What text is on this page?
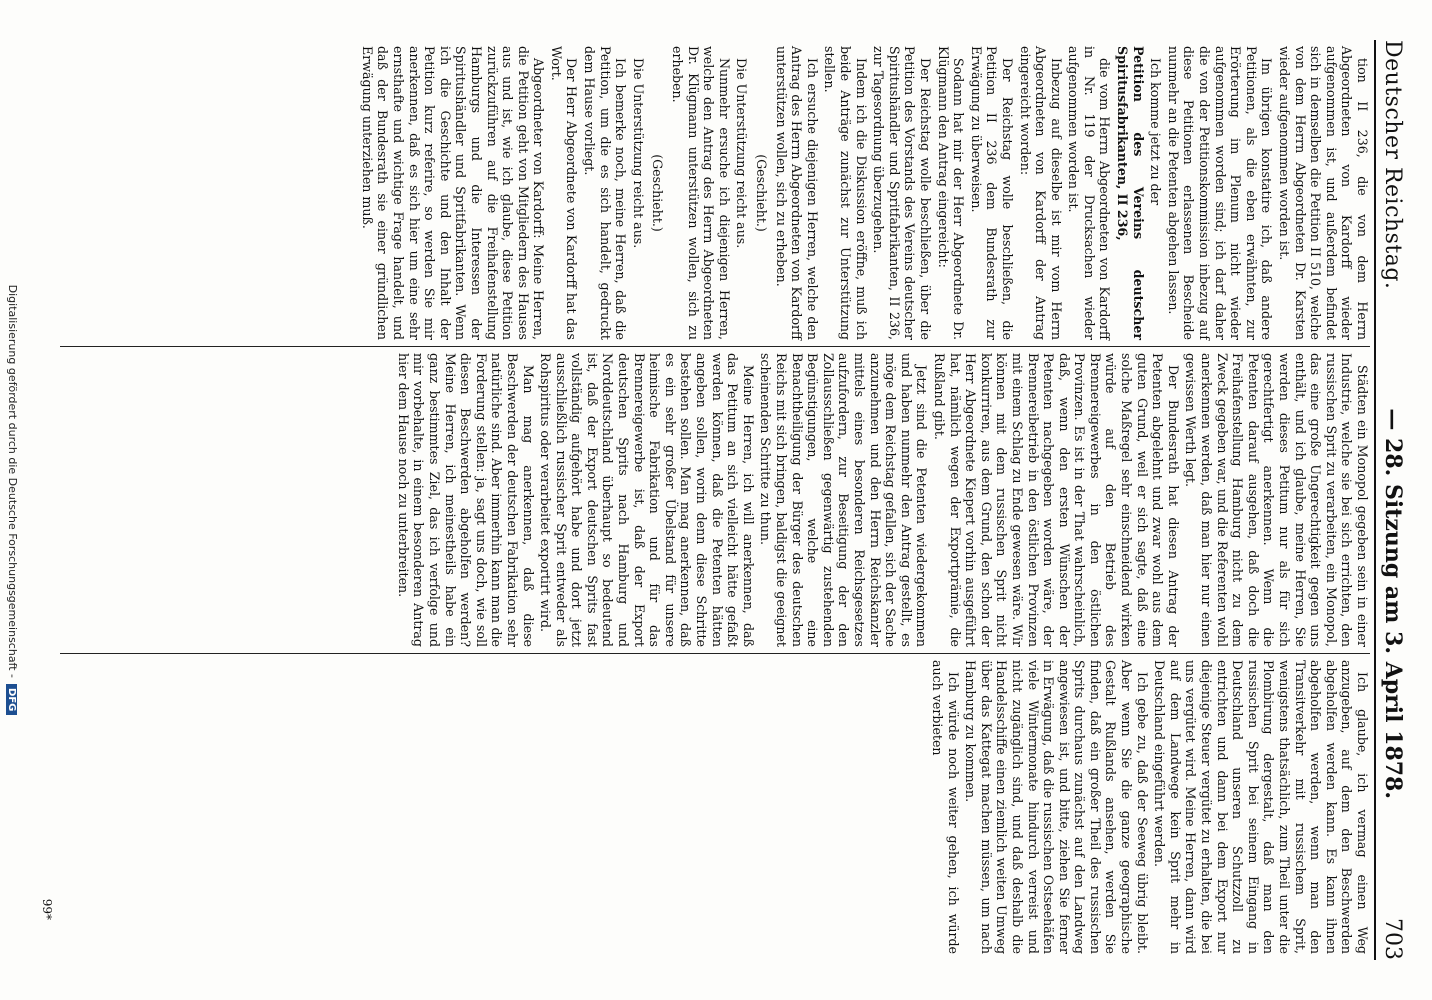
Deutscher Reichstag.
— 28. Sitzung am 3. April 1878.
703

tion II 236, die von dem Herrn Abgeordneten von Kardorff wieder aufgenommen ist, und außerdem befindet sich in demselben die Petition II 510, welche von dem Herrn Abgeordneten Dr. Karsten wieder aufgenommen worden ist.

Im übrigen konstatire ich, daß andere Petitionen, als die eben erwähnten, zur Erörterung im Plenum nicht wieder aufgenommen worden sind; ich darf daher die von der Petitionskommission inbezug auf diese Petitionen erlassenen Bescheide nunmehr an die Petenten abgehen lassen.

Ich komme jetzt zu der

Petition des Vereins deutscher Spiritusfabrikanten, II 236,

die vom Herrn Abgeordneten von Kardorff in Nr. 119 der Drucksachen wieder aufgenommen worden ist.

Inbezug auf dieselbe ist mir vom Herrn Abgeordneten von Kardorff der Antrag eingereicht worden:

Der Reichstag wolle beschließen, die Petition II 236 dem Bundesrath zur Erwägung zu überweisen.

Sodann hat mir der Herr Abgeordnete Dr. Klügmann den Antrag eingereicht:

Der Reichstag wolle beschließen, über die Petition des Vorstands des Vereins deutscher Spiritushändler und Spritfabrikanten, II 236, zur Tagesordnung überzugehen.

Indem ich die Diskussion eröffne, muß ich beide Anträge zunächst zur Unterstützung stellen.

Ich ersuche diejenigen Herren, welche den Antrag des Herrn Abgeordneten von Kardorff unterstützen wollen, sich zu erheben.

(Geschieht.)

Die Unterstützung reicht aus.

Nunmehr ersuche ich diejenigen Herren, welche den Antrag des Herrn Abgeordneten Dr. Klügmann unterstützen wollen, sich zu erheben.

(Geschieht.)

Die Unterstützung reicht aus.

Ich bemerke noch, meine Herren, daß die Petition, um die es sich handelt, gedruckt dem Hause vorliegt.

Der Herr Abgeordnete von Kardorff hat das Wort.

Abgeordneter von Kardorff: Meine Herren, die Petition geht von Mitgliedern des Hauses aus und ist, wie ich glaube, diese Petition zurückzuführen auf die Freihafenstellung Hamburgs und die Interessen der Spiritushändler und Spritfabrikanten. Wenn ich die Geschichte und den Inhalt der Petition kurz referire, so werden Sie mir anerkennen, daß es sich hier um eine sehr ernsthafte und wichtige Frage handelt, und daß der Bundesrath sie einer gründlichen Erwägung unterziehen muß.

Städten ein Monopol gegeben sein in einer Industrie, welche sie bei sich errichten, den russischen Sprit zu verarbeiten, ein Monopol, das eine große Ungerechtigkeit gegen uns enthält, und ich glaube, meine Herren, Sie werden dieses Petitum nur als für sich gerechtfertigt anerkennen. Wenn die Petenten darauf ausgehen, daß doch die Freihafenstellung Hamburg nicht zu dem Zweck gegeben war, und die Referenten wohl anerkennen werden, daß man hier nur einen gewissen Werth legt.

Der Bundesrath hat diesen Antrag der Petenten abgelehnt und zwar wohl aus dem guten Grund, weil er sich sagte, daß eine solche Maßregel sehr einschneidend wirken würde auf den Betrieb des Brennereigewerbes in den östlichen Provinzen. Es ist in der That wahrscheinlich, daß, wenn den ersten Wünschen der Petenten nachgegeben worden wäre, der Brennereibetrieb in den östlichen Provinzen mit einem Schlag zu Ende gewesen wäre. Wir können mit dem russischen Sprit nicht konkurriren, aus dem Grund, den schon der Herr Abgeordnete Kiepert vorhin ausgeführt hat, nämlich wegen der Exportprämie, die Rußland gibt.

Jetzt sind die Petenten wiedergekommen und haben nunmehr den Antrag gestellt, es möge dem Reichstag gefallen, sich der Sache anzunehmen und den Herrn Reichskanzler mittels eines besonderen Reichsgesetzes aufzufordern, zur Beseitigung der den Zollausschließen gegenwärtig zustehenden Begünstigungen, welche eine Benachtheiligung der Bürger des deutschen Reichs mit sich bringen, baldigst die geeignet scheinenden Schritte zu thun.

Meine Herren, ich will anerkennen, daß das Petitum an sich vielleicht hätte gefaßt werden können, daß die Petenten hätten angeben sollen, worin denn diese Schritte bestehen sollen. Man mag anerkennen, daß es ein sehr großer Übelstand für unsere heimische Fabrikation und für das Brennereigewerbe ist, daß der Export deutschen Sprits nach Hamburg und Norddeutschland überhaupt so bedeutend ist, daß der Export deutschen Sprits fast vollständig aufgehört habe und dort jetzt ausschließlich russischer Sprit entweder als Rohspiritus oder verarbeitet exportirt wird.

Man mag anerkennen, daß diese Beschwerden der deutschen Fabrikation sehr natürliche sind. Aber immerhin kann man die Forderung stellen: ja, sagt uns doch, wie soll diesen Beschwerden abgeholfen werden? Meine Herren, ich meinestheils habe ein ganz bestimmtes Ziel, das ich verfolge und mir vorbehalte, in einem besonderen Antrag hier dem Hause noch zu unterbreiten.

Ich glaube, ich vermag einen Weg anzugeben, auf dem den Beschwerden abgeholfen werden kann. Es kann ihnen abgeholfen werden, wenn man den Transitverkehr mit russischem Sprit, wenigstens thatsächlich, zum Theil unter die Plombirung dergestalt, daß man den russischen Sprit bei seinem Eingang in Deutschland unseren Schutzzoll zu entrichten und dann bei dem Export nur diejenige Steuer vergütet zu erhalten, die bei uns vergütet wird. Meine Herren, dann wird auf dem Landwege kein Sprit mehr in Deutschland eingeführt werden.

Ich gebe zu, daß der Seeweg übrig bleibt. Aber wenn Sie die ganze geographische Gestalt Rußlands ansehen, werden Sie finden, daß ein großer Theil des russischen Sprits durchaus zunächst auf den Landweg angewiesen ist, und bitte, ziehen Sie ferner in Erwägung, daß die russischen Ostseehäfen viele Wintermonate hindurch verreist und nicht zugänglich sind, und daß deshalb die Handelsschiffe einen ziemlich weiten Umweg über das Kattegat machen müssen, um nach Hamburg zu kommen.

Ich würde noch weiter gehen, ich würde auch verbieten

99*
Digitalisierung gefördert durch die Deutsche Forschungsgemeinschaft -DFG
